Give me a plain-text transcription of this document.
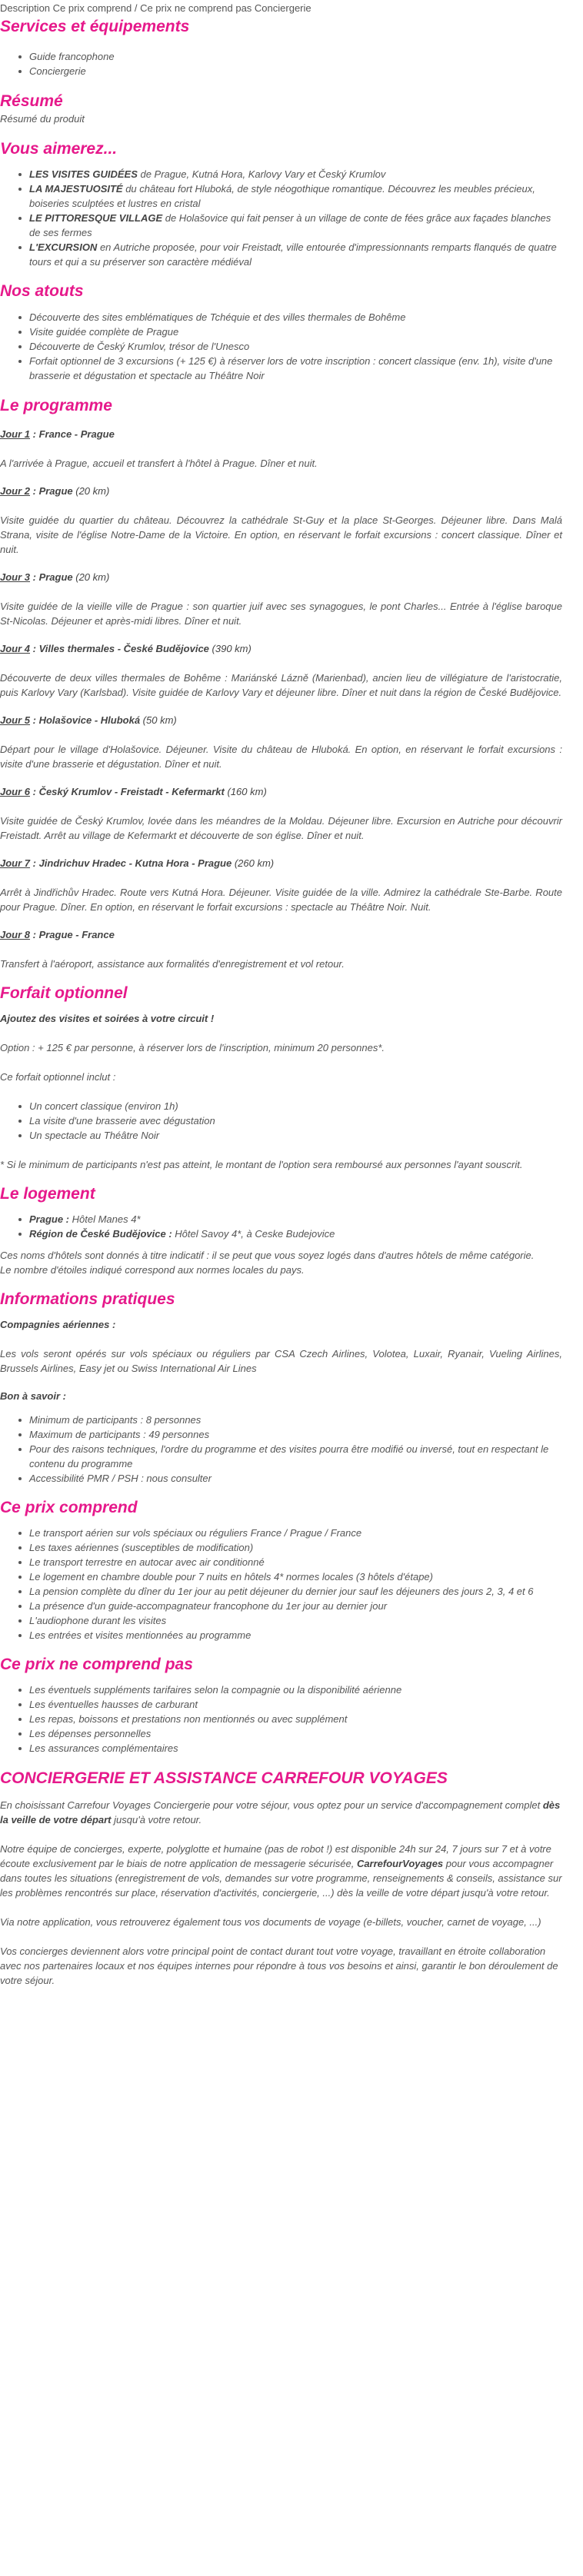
Description Ce prix comprend / Ce prix ne comprend pas Conciergerie

Services et équipements
Guide francophone
Conciergerie
Résumé

Résumé du produit

Vous aimerez...
LES VISITES GUIDÉES de Prague, Kutná Hora, Karlovy Vary et Český Krumlov
LA MAJESTUOSITÉ du château fort Hluboká, de style néogothique romantique. Découvrez les meubles précieux, boiseries sculptées et lustres en cristal
LE PITTORESQUE VILLAGE de Holašovice qui fait penser à un village de conte de fées grâce aux façades blanches de ses fermes
L'EXCURSION en Autriche proposée, pour voir Freistadt, ville entourée d'impressionnants remparts flanqués de quatre tours et qui a su préserver son caractère médiéval
Nos atouts
Découverte des sites emblématiques de Tchéquie et des villes thermales de Bohême
Visite guidée complète de Prague
Découverte de Český Krumlov, trésor de l'Unesco
Forfait optionnel de 3 excursions (+ 125 €) à réserver lors de votre inscription : concert classique (env. 1h), visite d'une brasserie et dégustation et spectacle au Théâtre Noir
Le programme

Jour 1 : France - Prague

A l'arrivée à Prague, accueil et transfert à l'hôtel à Prague. Dîner et nuit.

Jour 2 : Prague (20 km)

Visite guidée du quartier du château. Découvrez la cathédrale St-Guy et la place St-Georges. Déjeuner libre. Dans Malá Strana, visite de l'église Notre-Dame de la Victoire. En option, en réservant le forfait excursions : concert classique. Dîner et nuit.

Jour 3 : Prague (20 km)

Visite guidée de la vieille ville de Prague : son quartier juif avec ses synagogues, le pont Charles... Entrée à l'église baroque St-Nicolas. Déjeuner et après-midi libres. Dîner et nuit.

Jour 4 : Villes thermales - České Budějovice (390 km)

Découverte de deux villes thermales de Bohême : Mariánské Lázně (Marienbad), ancien lieu de villégiature de l'aristocratie, puis Karlovy Vary (Karlsbad). Visite guidée de Karlovy Vary et déjeuner libre. Dîner et nuit dans la région de České Budějovice.

Jour 5 : Holašovice - Hluboká (50 km)

Départ pour le village d'Holašovice. Déjeuner. Visite du château de Hluboká. En option, en réservant le forfait excursions : visite d'une brasserie et dégustation. Dîner et nuit.

Jour 6 : Český Krumlov - Freistadt - Kefermarkt (160 km)

Visite guidée de Český Krumlov, lovée dans les méandres de la Moldau. Déjeuner libre. Excursion en Autriche pour découvrir Freistadt. Arrêt au village de Kefermarkt et découverte de son église. Dîner et nuit.

Jour 7 : Jindrichuv Hradec - Kutna Hora - Prague (260 km)

Arrêt à Jindřichův Hradec. Route vers Kutná Hora. Déjeuner. Visite guidée de la ville. Admirez la cathédrale Ste-Barbe. Route pour Prague. Dîner. En option, en réservant le forfait excursions : spectacle au Théâtre Noir. Nuit.

Jour 8 : Prague - France

Transfert à l'aéroport, assistance aux formalités d'enregistrement et vol retour.

Forfait optionnel

Ajoutez des visites et soirées à votre circuit !

Option : + 125 € par personne, à réserver lors de l'inscription, minimum 20 personnes*.

Ce forfait optionnel inclut :

Un concert classique (environ 1h)
La visite d'une brasserie avec dégustation
Un spectacle au Théâtre Noir

* Si le minimum de participants n'est pas atteint, le montant de l'option sera remboursé aux personnes l'ayant souscrit.

Le logement
Prague : Hôtel Manes 4*
Région de České Budějovice : Hôtel Savoy 4*, à Ceske Budejovice

Ces noms d'hôtels sont donnés à titre indicatif : il se peut que vous soyez logés dans d'autres hôtels de même catégorie.

Le nombre d'étoiles indiqué correspond aux normes locales du pays.

Informations pratiques

Compagnies aériennes :

Les vols seront opérés sur vols spéciaux ou réguliers par CSA Czech Airlines, Volotea, Luxair, Ryanair, Vueling Airlines, Brussels Airlines, Easy jet ou Swiss International Air Lines

Bon à savoir :

Minimum de participants : 8 personnes
Maximum de participants : 49 personnes
Pour des raisons techniques, l'ordre du programme et des visites pourra être modifié ou inversé, tout en respectant le contenu du programme
Accessibilité PMR / PSH : nous consulter
Ce prix comprend
Le transport aérien sur vols spéciaux ou réguliers France / Prague / France
Les taxes aériennes (susceptibles de modification)
Le transport terrestre en autocar avec air conditionné
Le logement en chambre double pour 7 nuits en hôtels 4* normes locales (3 hôtels d'étape)
La pension complète du dîner du 1er jour au petit déjeuner du dernier jour sauf les déjeuners des jours 2, 3, 4 et 6
La présence d'un guide-accompagnateur francophone du 1er jour au dernier jour
L'audiophone durant les visites
Les entrées et visites mentionnées au programme
Ce prix ne comprend pas
Les éventuels suppléments tarifaires selon la compagnie ou la disponibilité aérienne
Les éventuelles hausses de carburant
Les repas, boissons et prestations non mentionnés ou avec supplément
Les dépenses personnelles
Les assurances complémentaires
CONCIERGERIE ET ASSISTANCE CARREFOUR VOYAGES

En choisissant Carrefour Voyages Conciergerie pour votre séjour, vous optez pour un service d'accompagnement complet dès la veille de votre départ jusqu'à votre retour.

Notre équipe de concierges, experte, polyglotte et humaine (pas de robot !) est disponible 24h sur 24, 7 jours sur 7 et à votre écoute exclusivement par le biais de notre application de messagerie sécurisée, CarrefourVoyages pour vous accompagner dans toutes les situations (enregistrement de vols, demandes sur votre programme, renseignements & conseils, assistance sur les problèmes rencontrés sur place, réservation d'activités, conciergerie, ...) dès la veille de votre départ jusqu'à votre retour.

Via notre application, vous retrouverez également tous vos documents de voyage (e-billets, voucher, carnet de voyage, ...)

Vos concierges deviennent alors votre principal point de contact durant tout votre voyage, travaillant en étroite collaboration avec nos partenaires locaux et nos équipes internes pour répondre à tous vos besoins et ainsi, garantir le bon déroulement de votre séjour.
